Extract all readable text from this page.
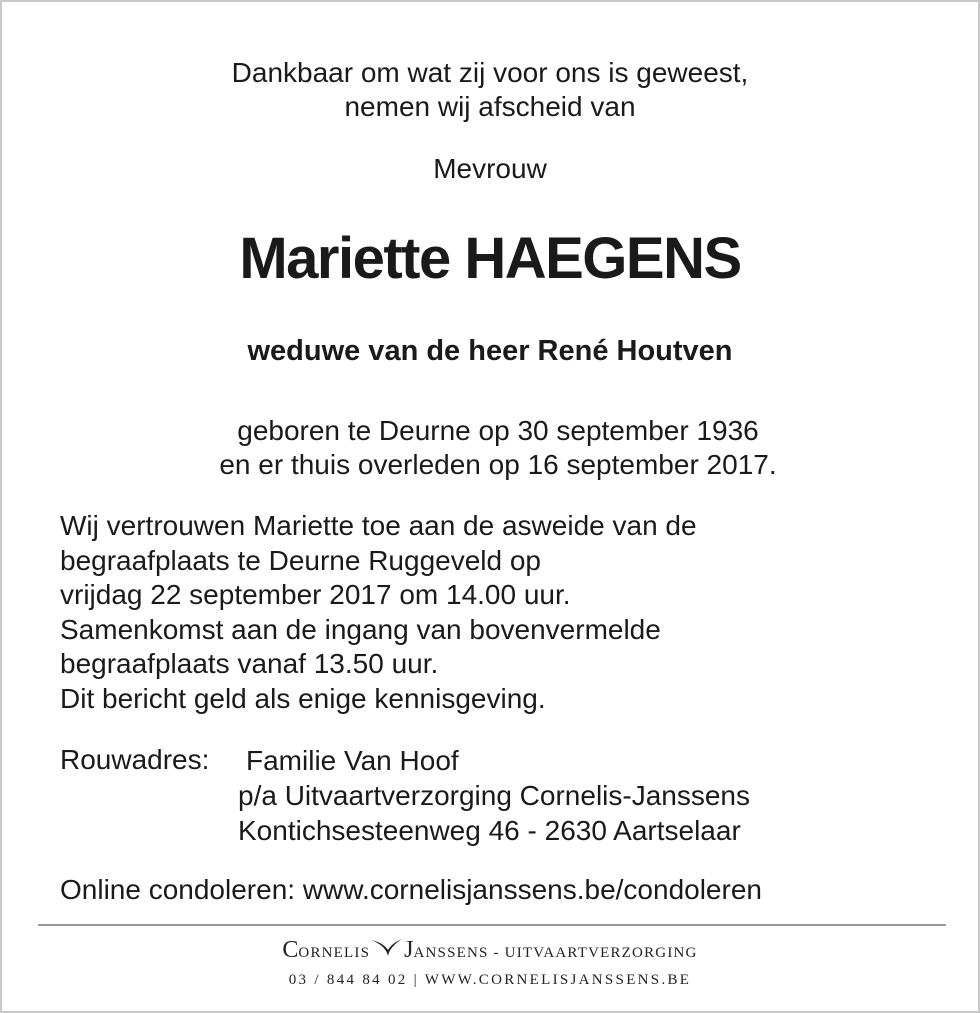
Dankbaar om wat zij voor ons is geweest,
nemen wij afscheid van
Mevrouw
Mariette HAEGENS
weduwe van de heer René Houtven
geboren te Deurne op 30 september 1936
en er thuis overleden op 16 september 2017.
Wij vertrouwen Mariette toe aan de asweide van de
begraafplaats te Deurne Ruggeveld op
vrijdag 22 september 2017 om 14.00 uur.
Samenkomst aan de ingang van bovenvermelde
begraafplaats vanaf 13.50 uur.
Dit bericht geld als enige kennisgeving.
Rouwadres: Familie Van Hoof
p/a Uitvaartverzorging Cornelis-Janssens
Kontichsesteenweg 46 - 2630 Aartselaar
Online condoleren: www.cornelisjanssens.be/condoleren
CORNELIS JANSSENS - UITVAARTVERZORGING
03 / 844 84 02 | WWW.CORNELISJANSSENS.BE
